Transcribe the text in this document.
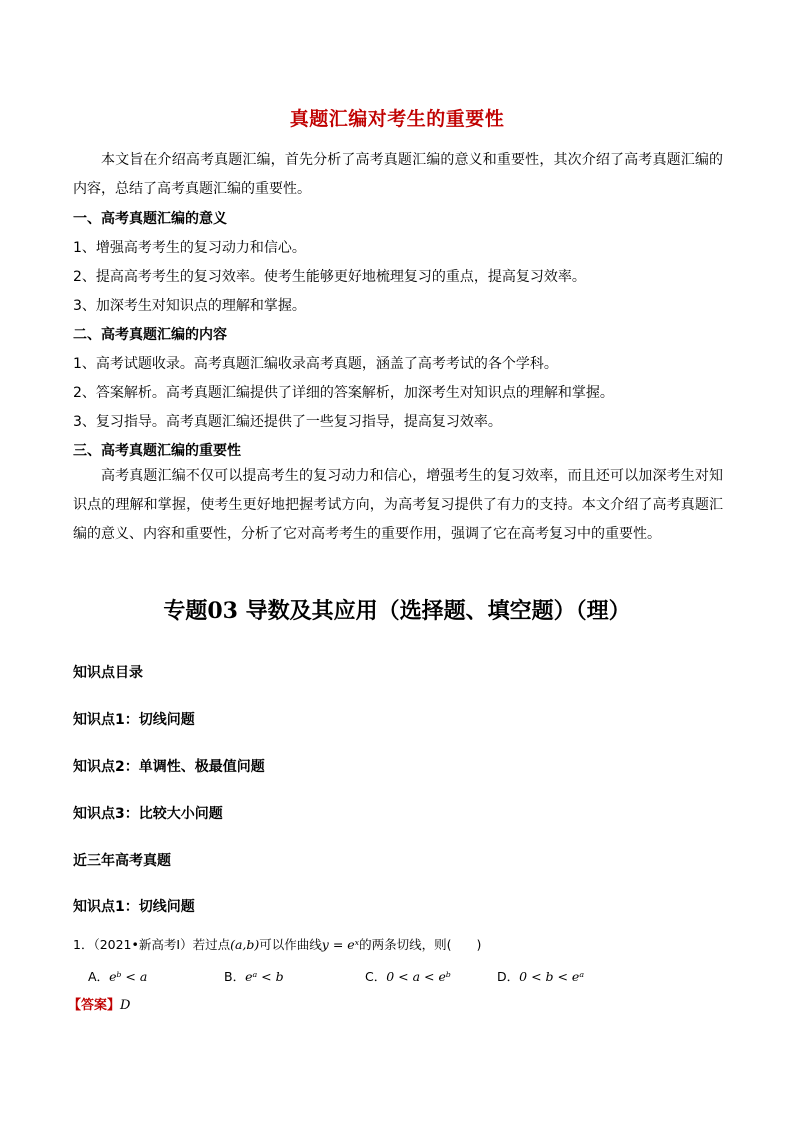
真题汇编对考生的重要性
本文旨在介绍高考真题汇编，首先分析了高考真题汇编的意义和重要性，其次介绍了高考真题汇编的内容，总结了高考真题汇编的重要性。
一、高考真题汇编的意义
1、增强高考考生的复习动力和信心。
2、提高高考考生的复习效率。使考生能够更好地梳理复习的重点，提高复习效率。
3、加深考生对知识点的理解和掌握。
二、高考真题汇编的内容
1、高考试题收录。高考真题汇编收录高考真题，涵盖了高考考试的各个学科。
2、答案解析。高考真题汇编提供了详细的答案解析，加深考生对知识点的理解和掌握。
3、复习指导。高考真题汇编还提供了一些复习指导，提高复习效率。
三、高考真题汇编的重要性
高考真题汇编不仅可以提高考生的复习动力和信心，增强考生的复习效率，而且还可以加深考生对知识点的理解和掌握，使考生更好地把握考试方向，为高考复习提供了有力的支持。本文介绍了高考真题汇编的意义、内容和重要性，分析了它对高考考生的重要作用，强调了它在高考复习中的重要性。
专题03 导数及其应用（选择题、填空题）（理）
知识点目录
知识点1：切线问题
知识点2：单调性、极最值问题
知识点3：比较大小问题
近三年高考真题
知识点1：切线问题
1．（2021•新高考Ⅰ）若过点(a,b)可以作曲线y = eˣ的两条切线，则(　　)
A．eᵇ < a	B．eᵃ < b	C．0 < a < eᵇ	D．0 < b < eᵃ
【答案】D
